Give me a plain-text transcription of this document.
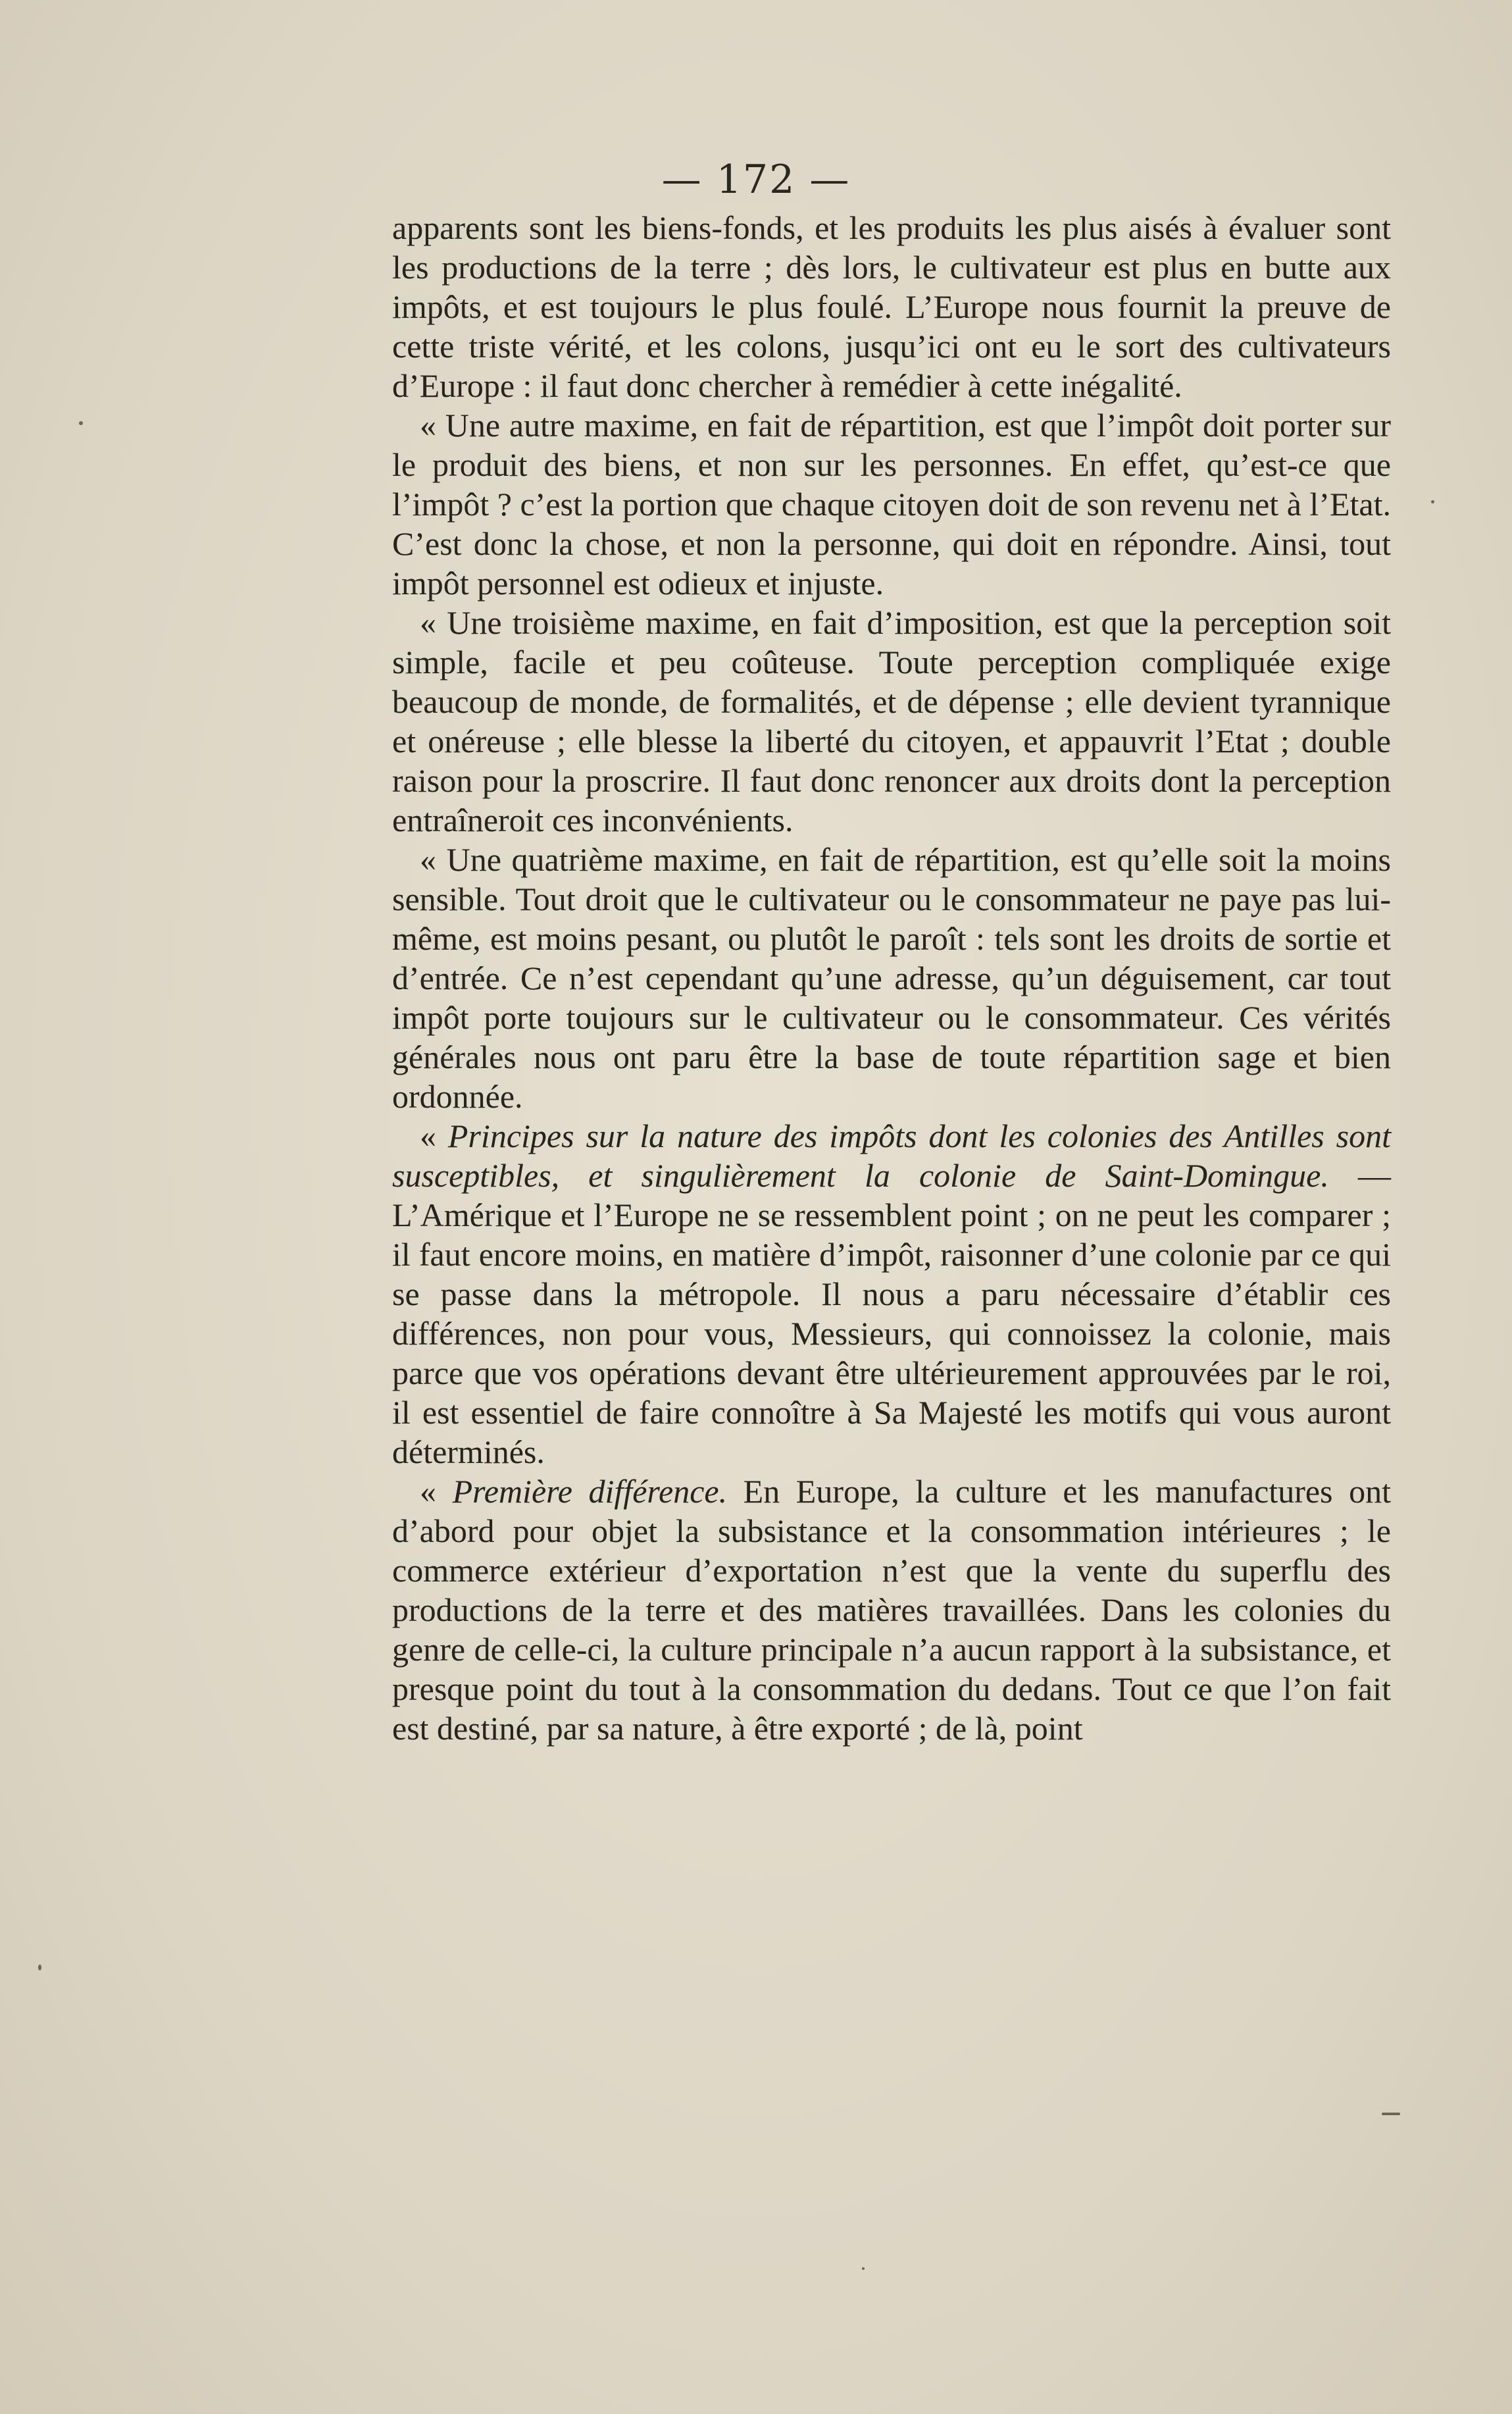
— 172 —

apparents sont les biens-fonds, et les produits les plus aisés à évaluer sont les productions de la terre ; dès lors, le cultivateur est plus en butte aux impôts, et est toujours le plus foulé. L’Europe nous fournit la preuve de cette triste vérité, et les colons, jusqu’ici ont eu le sort des cultivateurs d’Europe : il faut donc chercher à remédier à cette inégalité.

« Une autre maxime, en fait de répartition, est que l’impôt doit porter sur le produit des biens, et non sur les personnes. En effet, qu’est-ce que l’impôt ? c’est la portion que chaque citoyen doit de son revenu net à l’Etat. C’est donc la chose, et non la personne, qui doit en répondre. Ainsi, tout impôt personnel est odieux et injuste.

« Une troisième maxime, en fait d’imposition, est que la perception soit simple, facile et peu coûteuse. Toute perception compliquée exige beaucoup de monde, de formalités, et de dépense ; elle devient tyrannique et onéreuse ; elle blesse la liberté du citoyen, et appauvrit l’Etat ; double raison pour la proscrire. Il faut donc renoncer aux droits dont la perception entraîneroit ces inconvénients.

« Une quatrième maxime, en fait de répartition, est qu’elle soit la moins sensible. Tout droit que le cultivateur ou le consommateur ne paye pas lui-même, est moins pesant, ou plutôt le paroît : tels sont les droits de sortie et d’entrée. Ce n’est cependant qu’une adresse, qu’un déguisement, car tout impôt porte toujours sur le cultivateur ou le consommateur. Ces vérités générales nous ont paru être la base de toute répartition sage et bien ordonnée.

« Principes sur la nature des impôts dont les colonies des Antilles sont susceptibles, et singulièrement la colonie de Saint-Domingue. — L’Amérique et l’Europe ne se ressemblent point ; on ne peut les comparer ; il faut encore moins, en matière d’impôt, raisonner d’une colonie par ce qui se passe dans la métropole. Il nous a paru nécessaire d’établir ces différences, non pour vous, Messieurs, qui connoissez la colonie, mais parce que vos opérations devant être ultérieurement approuvées par le roi, il est essentiel de faire connoître à Sa Majesté les motifs qui vous auront déterminés.

« Première différence. En Europe, la culture et les manufactures ont d’abord pour objet la subsistance et la consommation intérieures ; le commerce extérieur d’exportation n’est que la vente du superflu des productions de la terre et des matières travaillées. Dans les colonies du genre de celle-ci, la culture principale n’a aucun rapport à la subsistance, et presque point du tout à la consommation du dedans. Tout ce que l’on fait est destiné, par sa nature, à être exporté ; de là, point
